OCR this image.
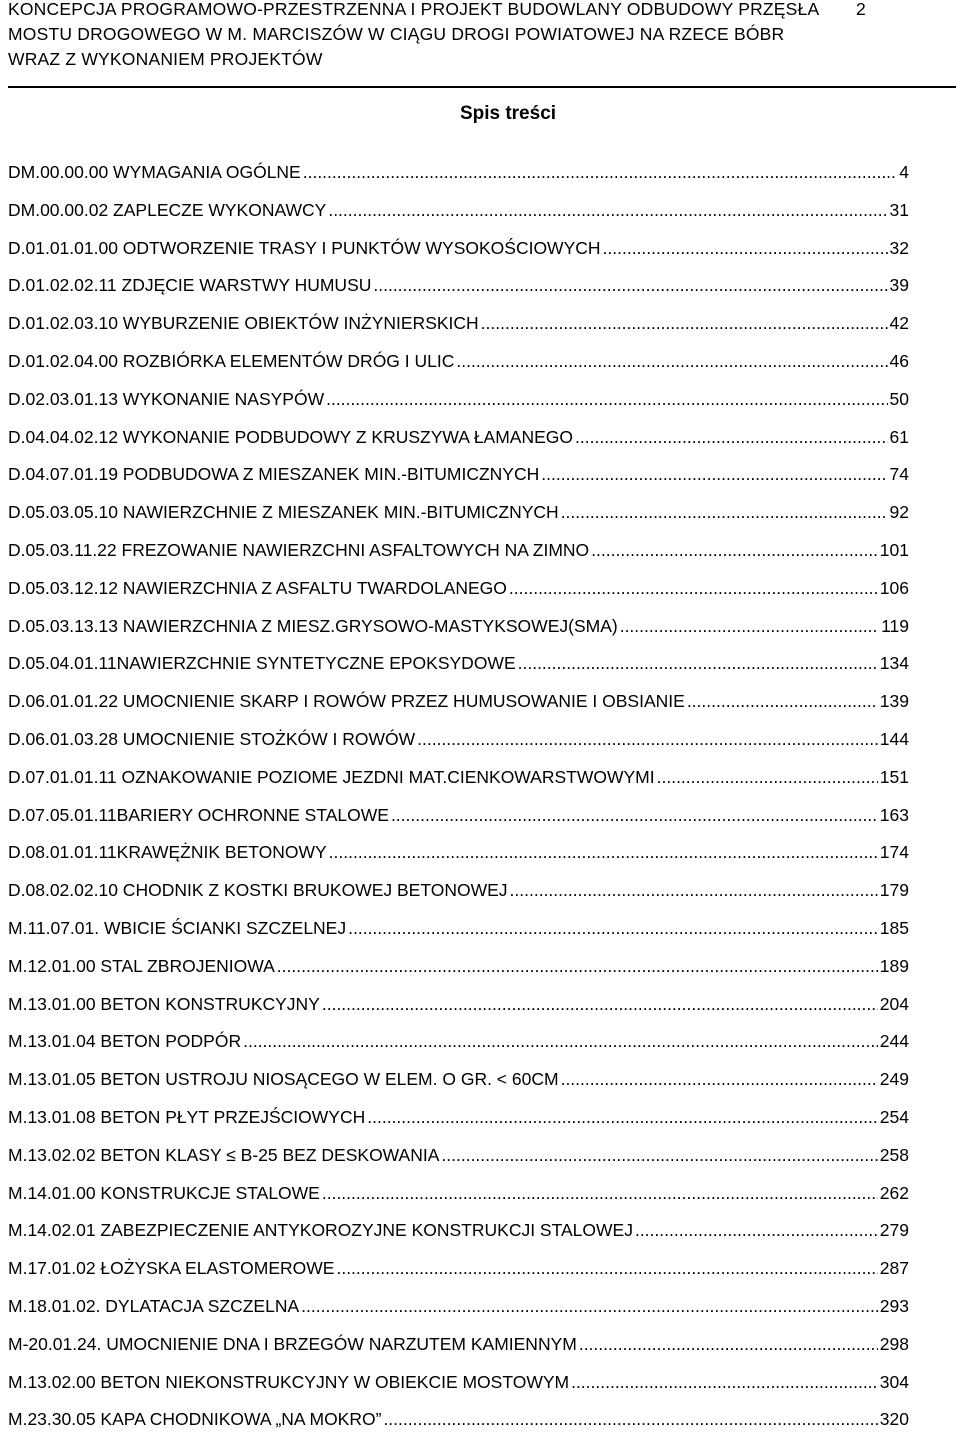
KONCEPCJA PROGRAMOWO-PRZESTRZENNA I PROJEKT BUDOWLANY ODBUDOWY PRZĘSŁA MOSTU DROGOWEGO W M. MARCISZÓW W CIĄGU DROGI POWIATOWEJ NA RZECE BÓBR WRAZ Z WYKONANIEM PROJEKTÓW
2
Spis treści
DM.00.00.00 WYMAGANIA OGÓLNE .....	4
DM.00.00.02 ZAPLECZE WYKONAWCY .....	31
D.01.01.01.00 ODTWORZENIE TRASY I PUNKTÓW WYSOKOŚCIOWYCH .....	32
D.01.02.02.11 ZDJĘCIE WARSTWY HUMUSU .....	39
D.01.02.03.10 WYBURZENIE OBIEKTÓW INŻYNIERSKICH .....	42
D.01.02.04.00 ROZBIÓRKA ELEMENTÓW DRÓG I ULIC .....	46
D.02.03.01.13 WYKONANIE NASYPÓW .....	50
D.04.04.02.12 WYKONANIE PODBUDOWY Z KRUSZYWA ŁAMANEGO .....	61
D.04.07.01.19 PODBUDOWA Z MIESZANEK MIN.-BITUMICZNYCH .....	74
D.05.03.05.10 NAWIERZCHNIE Z MIESZANEK MIN.-BITUMICZNYCH .....	92
D.05.03.11.22 FREZOWANIE NAWIERZCHNI ASFALTOWYCH NA ZIMNO .....	101
D.05.03.12.12 NAWIERZCHNIA Z ASFALTU TWARDOLANEGO .....	106
D.05.03.13.13 NAWIERZCHNIA Z MIESZ.GRYSOWO-MASTYKSOWEJ(SMA) .....	119
D.05.04.01.11NAWIERZCHNIE SYNTETYCZNE EPOKSYDOWE .....	134
D.06.01.01.22 UMOCNIENIE SKARP I ROWÓW PRZEZ HUMUSOWANIE I OBSIANIE .....	139
D.06.01.03.28 UMOCNIENIE STOŻKÓW I ROWÓW .....	144
D.07.01.01.11 OZNAKOWANIE POZIOME JEZDNI MAT.CIENKOWARSTWOWYMI .....	151
D.07.05.01.11BARIERY OCHRONNE STALOWE .....	163
D.08.01.01.11KRAWĘŻNIK BETONOWY .....	174
D.08.02.02.10 CHODNIK Z KOSTKI BRUKOWEJ BETONOWEJ .....	179
M.11.07.01. WBICIE ŚCIANKI SZCZELNEJ .....	185
M.12.01.00 STAL ZBROJENIOWA .....	189
M.13.01.00 BETON KONSTRUKCYJNY .....	204
M.13.01.04 BETON PODPÓR .....	244
M.13.01.05 BETON USTROJU NIOSĄCEGO W ELEM. O GR. < 60CM .....	249
M.13.01.08 BETON PŁYT PRZEJŚCIOWYCH .....	254
M.13.02.02 BETON KLASY ≤ B-25 BEZ DESKOWANIA .....	258
M.14.01.00 KONSTRUKCJE STALOWE .....	262
M.14.02.01 ZABEZPIECZENIE ANTYKOROZYJNE KONSTRUKCJI STALOWEJ .....	279
M.17.01.02 ŁOŻYSKA ELASTOMEROWE .....	287
M.18.01.02. DYLATACJA SZCZELNA .....	293
M-20.01.24. UMOCNIENIE DNA I BRZEGÓW NARZUTEM KAMIENNYM .....	298
M.13.02.00 BETON NIEKONSTRUKCYJNY W OBIEKCIE MOSTOWYM .....	304
M.23.30.05 KAPA CHODNIKOWA „NA MOKRO” .....	320
